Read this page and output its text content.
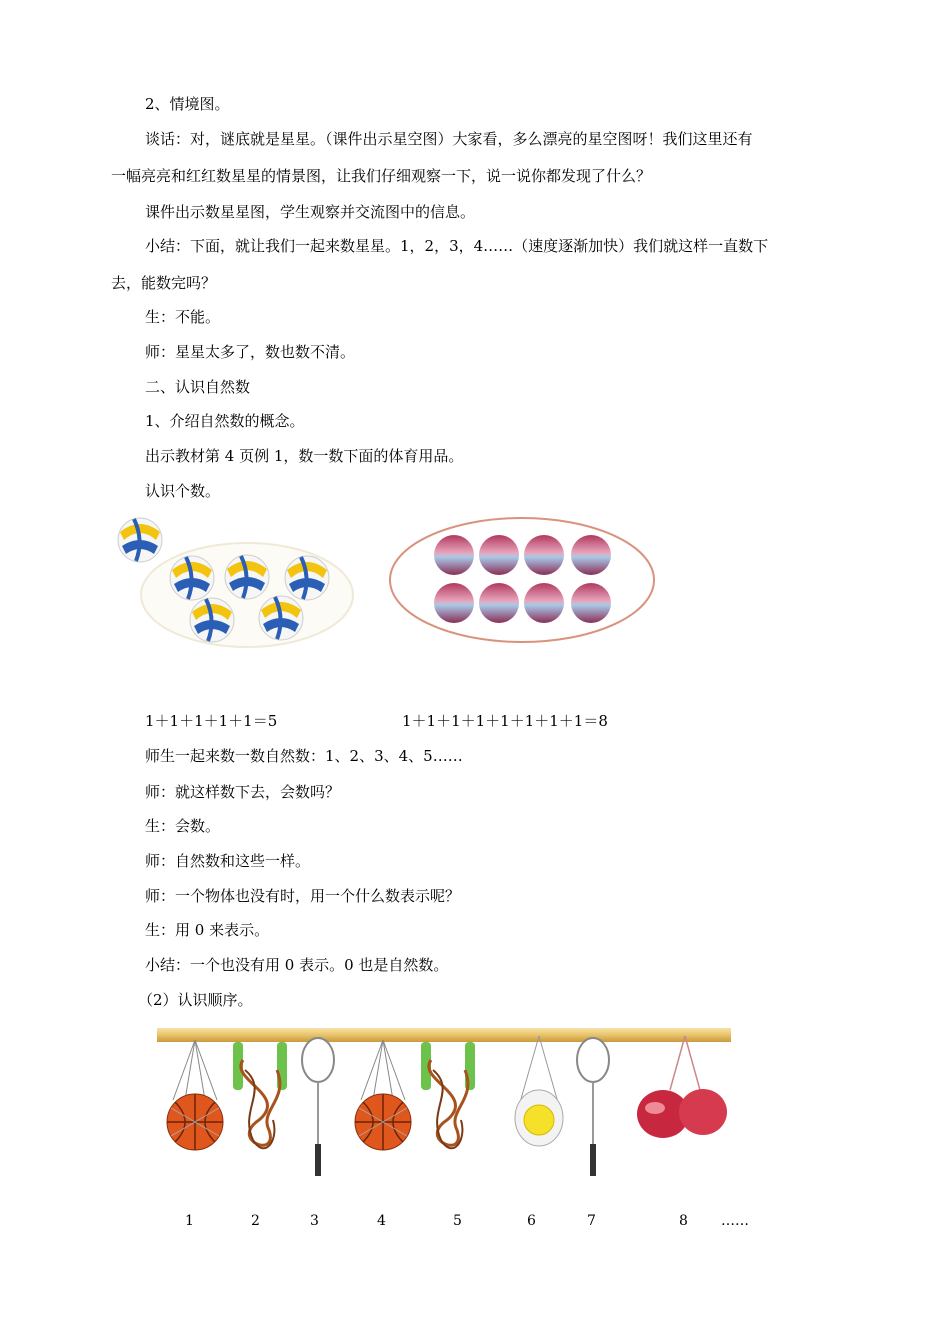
2、情境图。
谈话：对，谜底就是星星。（课件出示星空图）大家看，多么漂亮的星空图呀！我们这里还有
一幅亮亮和红红数星星的情景图，让我们仔细观察一下，说一说你都发现了什么？
课件出示数星星图，学生观察并交流图中的信息。
小结：下面，就让我们一起来数星星。1，2，3，4……（速度逐渐加快）我们就这样一直数下
去，能数完吗？
生：不能。
师：星星太多了，数也数不清。
二、认识自然数
1、介绍自然数的概念。
出示教材第 4 页例 1，数一数下面的体育用品。
认识个数。
1＋1＋1＋1＋1＝5	1＋1＋1＋1＋1＋1＋1＋1＝8
师生一起来数一数自然数：1、2、3、4、5……
师：就这样数下去，会数吗？
生：会数。
师：自然数和这些一样。
师：一个物体也没有时，用一个什么数表示呢？
生：用 0 来表示。
小结：一个也没有用 0 表示。0 也是自然数。
（2）认识顺序。
1	2	3	4	5	6	7	8 ……
